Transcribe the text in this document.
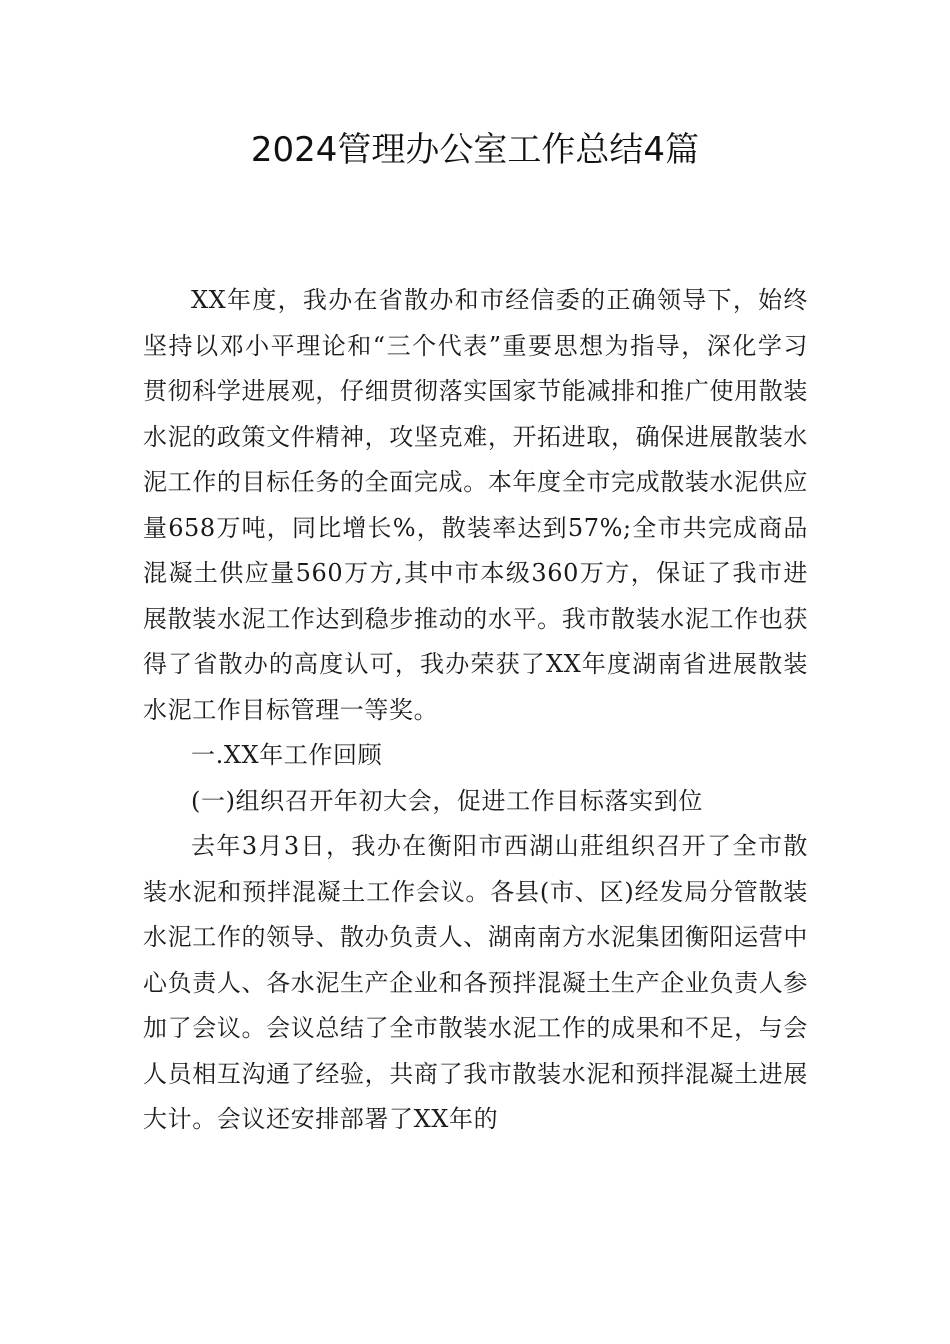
2024管理办公室工作总结4篇

XX年度，我办在省散办和市经信委的正确领导下，始终坚持以邓小平理论和“三个代表”重要思想为指导，深化学习贯彻科学进展观，仔细贯彻落实国家节能减排和推广使用散装水泥的政策文件精神，攻坚克难，开拓进取，确保进展散装水泥工作的目标任务的全面完成。本年度全市完成散装水泥供应量658万吨，同比增长%，散装率达到57%;全市共完成商品混凝土供应量560万方,其中市本级360万方，保证了我市进展散装水泥工作达到稳步推动的水平。我市散装水泥工作也获得了省散办的高度认可，我办荣获了XX年度湖南省进展散装水泥工作目标管理一等奖。

一.XX年工作回顾

(一)组织召开年初大会，促进工作目标落实到位

去年3月3日，我办在衡阳市西湖山莊组织召开了全市散装水泥和预拌混凝土工作会议。各县(市、区)经发局分管散装水泥工作的领导、散办负责人、湖南南方水泥集团衡阳运营中心负责人、各水泥生产企业和各预拌混凝土生产企业负责人参加了会议。会议总结了全市散装水泥工作的成果和不足，与会人员相互沟通了经验，共商了我市散装水泥和预拌混凝土进展大计。会议还安排部署了XX年的
